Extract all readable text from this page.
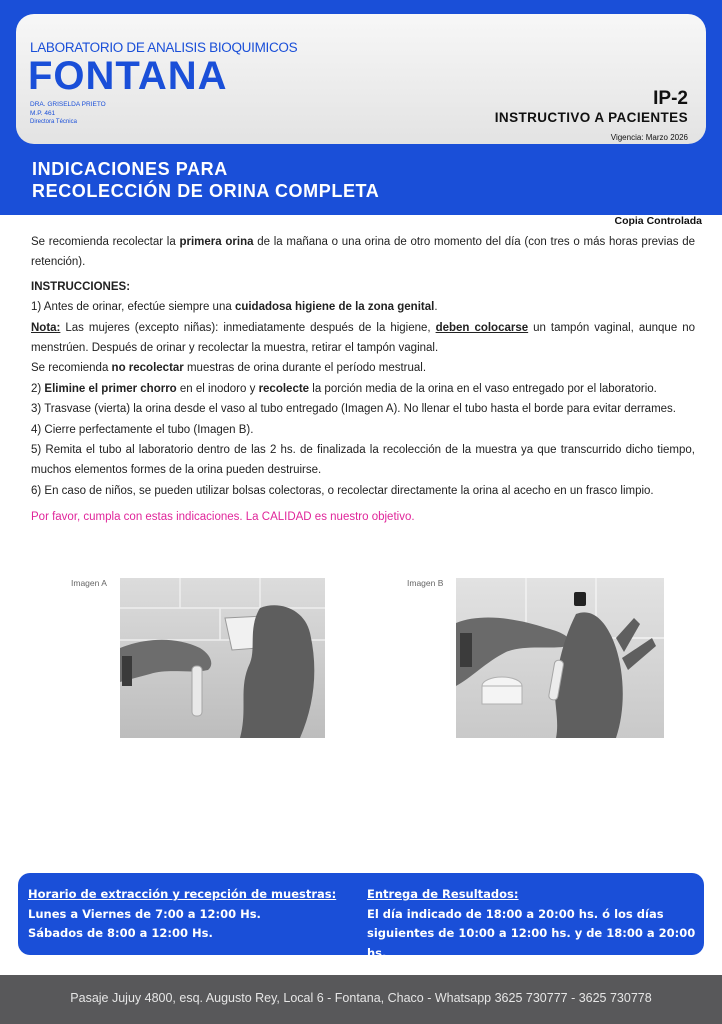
LABORATORIO DE ANALISIS BIOQUIMICOS
FONTANA
DRA. GRISELDA PRIETO
M.P. 461
Directora Técnica
IP-2
INSTRUCTIVO A PACIENTES
Vigencia: Marzo 2026
INDICACIONES PARA
RECOLECCIÓN DE ORINA COMPLETA
Copia Controlada

Se recomienda recolectar la primera orina de la mañana o una orina de otro momento del día (con tres o más horas previas de retención).

INSTRUCCIONES:

1) Antes de orinar, efectúe siempre una cuidadosa higiene de la zona genital.

Nota: Las mujeres (excepto niñas): inmediatamente después de la higiene, deben colocarse un tampón vaginal, aunque no menstrúen. Después de orinar y recolectar la muestra, retirar el tampón vaginal.

Se recomienda no recolectar muestras de orina durante el período mestrual.

2) Elimine el primer chorro en el inodoro y recolecte la porción media de la orina en el vaso entregado por el laboratorio.

3) Trasvase (vierta) la orina desde el vaso al tubo entregado (Imagen A). No llenar el tubo hasta el borde para evitar derrames.

4) Cierre perfectamente el tubo (Imagen B).

5) Remita el tubo al laboratorio dentro de las 2 hs. de finalizada la recolección de la muestra ya que transcurrido dicho tiempo, muchos elementos formes de la orina pueden destruirse.

6) En caso de niños, se pueden utilizar bolsas colectoras, o recolectar directamente la orina al acecho en un frasco limpio.

Por favor, cumpla con estas indicaciones. La CALIDAD es nuestro objetivo.

Imagen A	Imagen B
Horario de extracción y recepción de muestras:
Lunes a Viernes de 7:00 a 12:00 Hs.
Sábados de 8:00 a 12:00 Hs.
Entrega de Resultados:
El día indicado de 18:00 a 20:00 hs. ó los días
siguientes de 10:00 a 12:00 hs. y de 18:00 a 20:00 hs.
Pasaje Jujuy 4800, esq. Augusto Rey, Local 6 - Fontana, Chaco - Whatsapp 3625 730777 - 3625 730778
